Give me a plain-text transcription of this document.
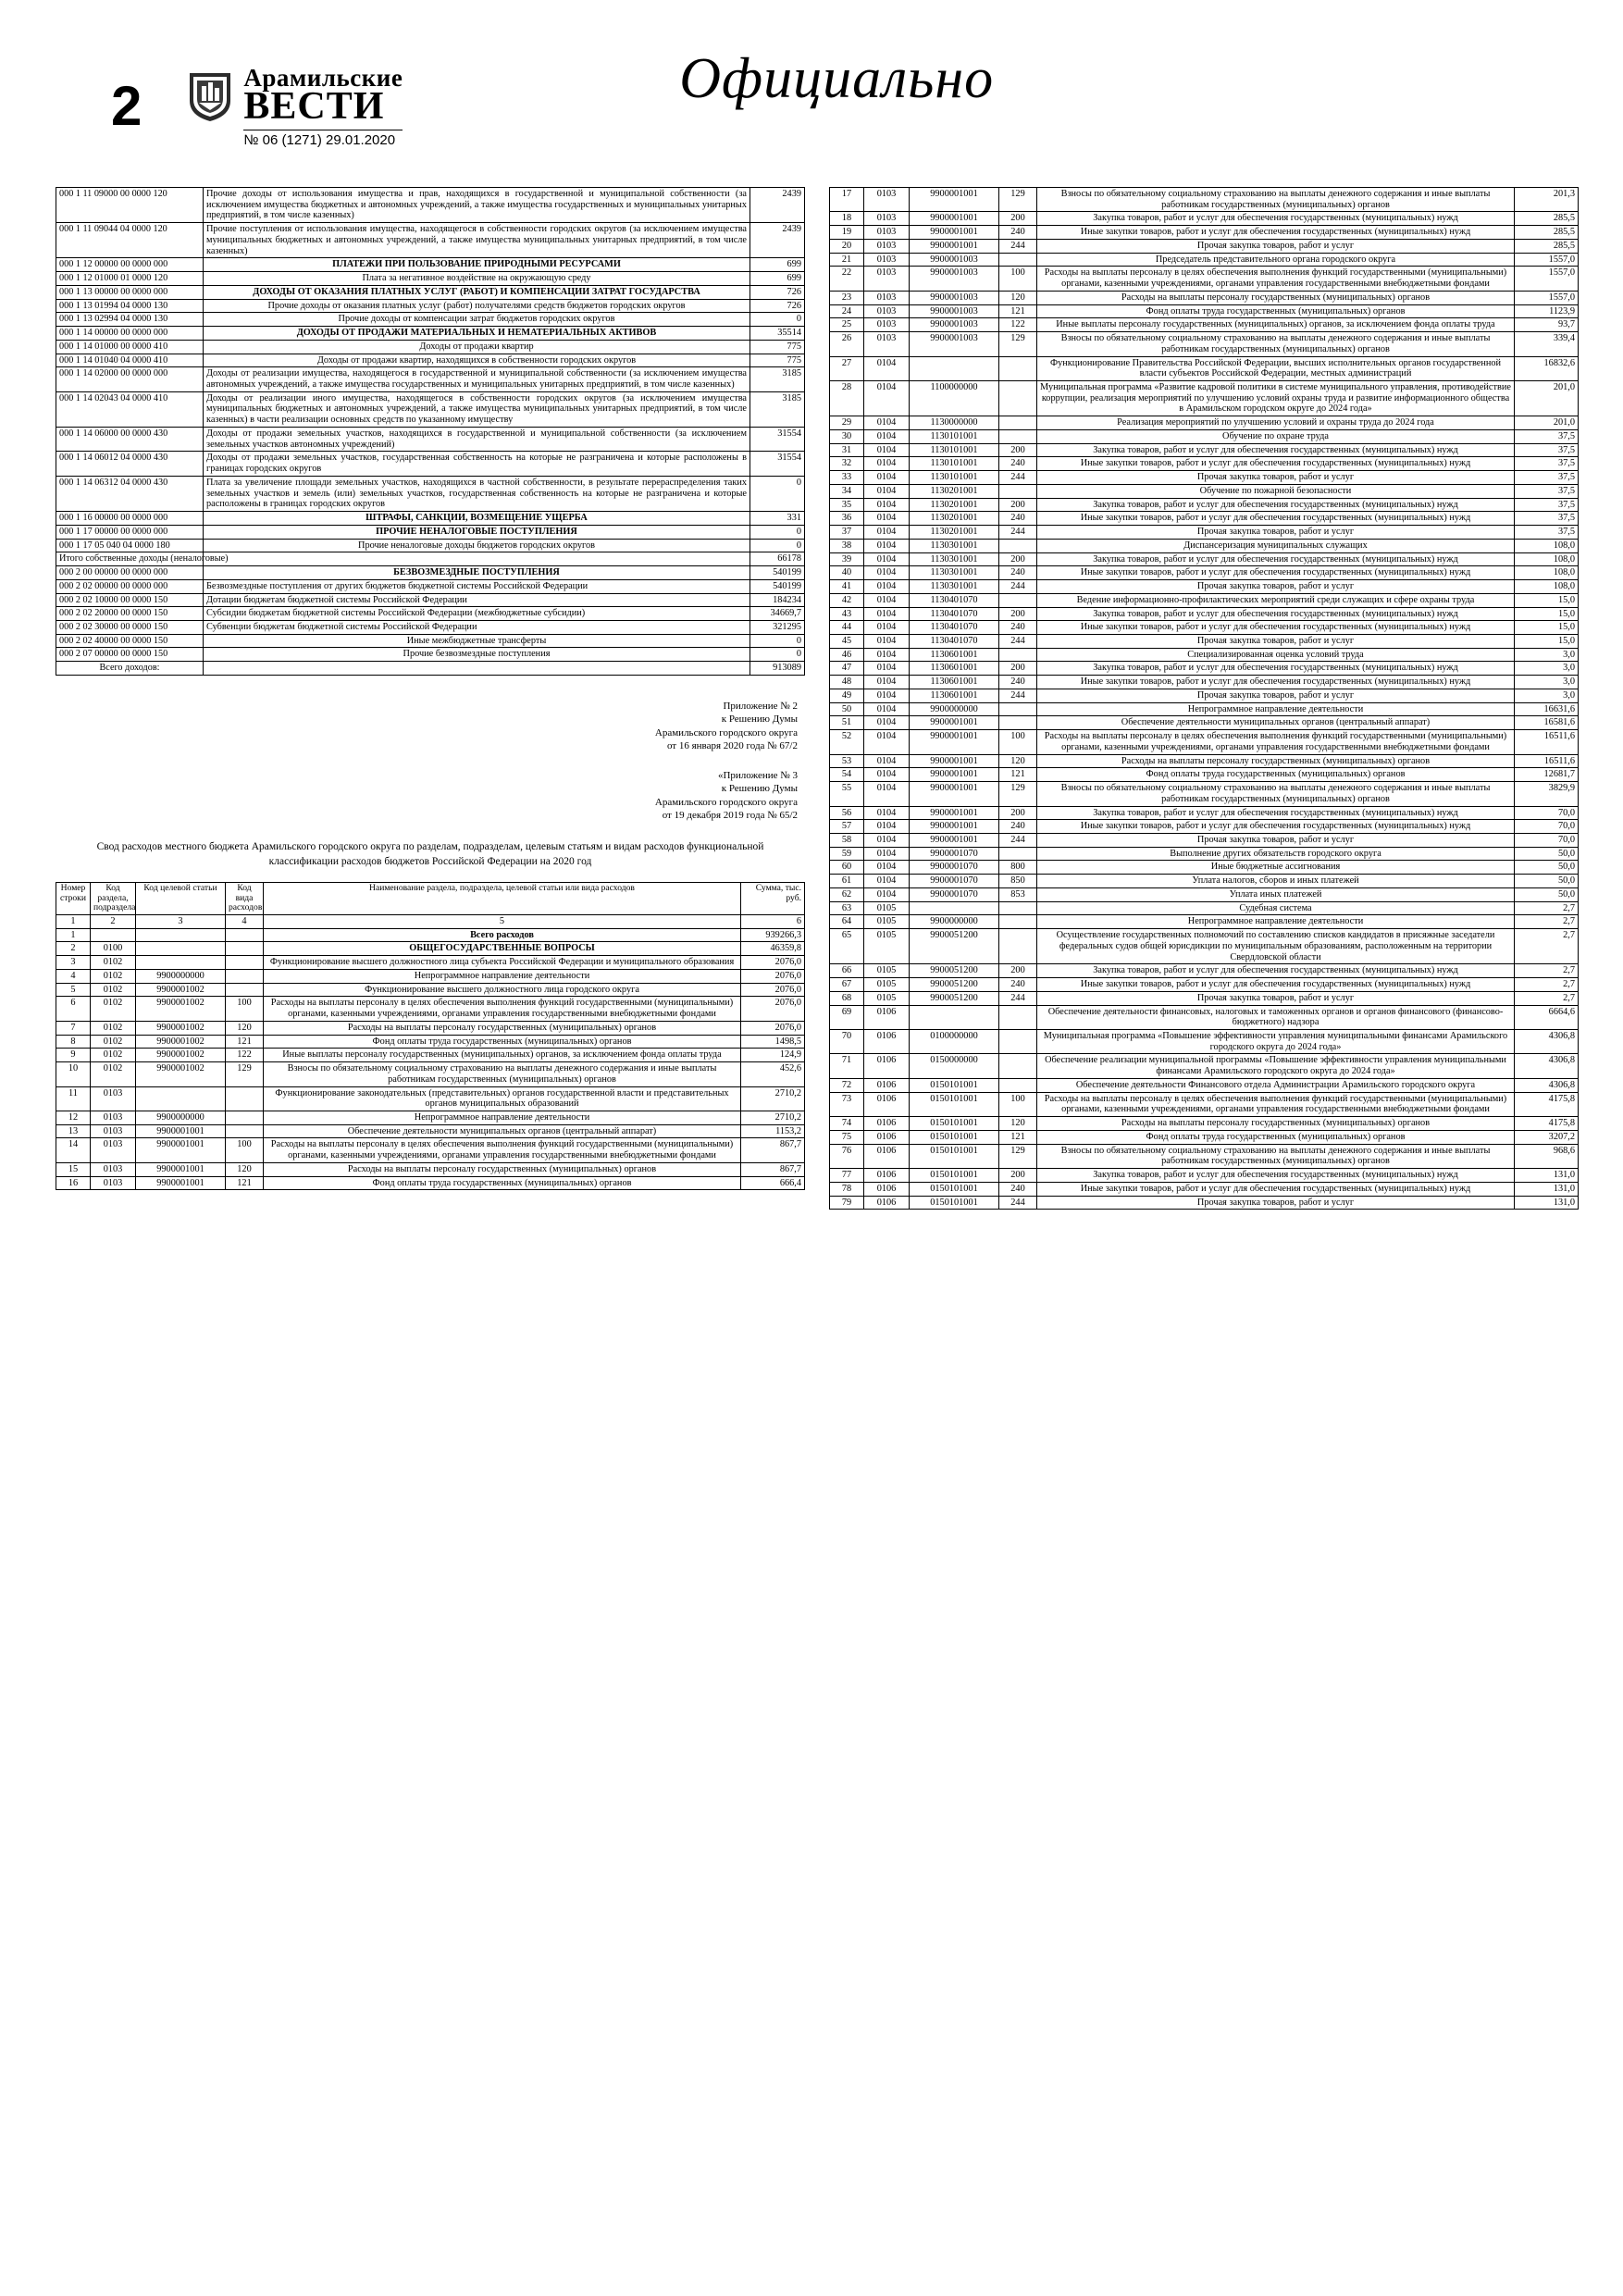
2	Арамильские
ВЕСТИ
№ 06 (1271) 29.01.2020
Официально
000 1 11 09000 00 0000 120	Прочие доходы от использования имущества и прав, находящихся в государственной и муниципальной собственности (за исключением имущества бюджетных и автономных учреждений, а также имущества государственных и муниципальных унитарных предприятий, в том числе казенных)	2439
000 1 11 09044 04 0000 120	Прочие поступления от использования имущества, находящегося в собственности городских округов (за исключением имущества муниципальных бюджетных и автономных учреждений, а также имущества муниципальных унитарных предприятий, в том числе казенных)	2439
000 1 12 00000 00 0000 000	ПЛАТЕЖИ ПРИ ПОЛЬЗОВАНИЕ ПРИРОДНЫМИ РЕСУРСАМИ	699
000 1 12 01000 01 0000 120	Плата за негативное воздействие на окружающую среду	699
000 1 13 00000 00 0000 000	ДОХОДЫ ОТ ОКАЗАНИЯ ПЛАТНЫХ УСЛУГ (РАБОТ) И КОМПЕНСАЦИИ ЗАТРАТ ГОСУДАРСТВА	726
000 1 13 01994 04 0000 130	Прочие доходы от оказания платных услуг (работ) получателями средств бюджетов городских округов	726
000 1 13 02994 04 0000 130	Прочие доходы от компенсации затрат бюджетов городских округов	0
000 1 14 00000 00 0000 000	ДОХОДЫ ОТ ПРОДАЖИ МАТЕРИАЛЬНЫХ И НЕМАТЕРИАЛЬНЫХ АКТИВОВ	35514
000 1 14 01000 00 0000 410	Доходы от продажи квартир	775
000 1 14 01040 04 0000 410	Доходы от продажи квартир, находящихся в собственности городских округов	775
000 1 14 02000 00 0000 000	Доходы от реализации имущества, находящегося в государственной и муниципальной собственности (за исключением имущества автономных учреждений, а также имущества государственных и муниципальных унитарных предприятий, в том числе казенных)	3185
000 1 14 02043 04 0000 410	Доходы от реализации иного имущества, находящегося в собственности городских округов (за исключением имущества муниципальных бюджетных и автономных учреждений, а также имущества муниципальных унитарных предприятий, в том числе казенных) в части реализации основных средств по указанному имуществу	3185
000 1 14 06000 00 0000 430	Доходы от продажи земельных участков, находящихся в государственной и муниципальной собственности (за исключением земельных участков автономных учреждений)	31554
000 1 14 06012 04 0000 430	Доходы от продажи земельных участков, государственная собственность на которые не разграничена и которые расположены в границах городских округов	31554
000 1 14 06312 04 0000 430	Плата за увеличение площади земельных участков, находящихся в частной собственности, в результате перераспределения таких земельных участков и земель (или) земельных участков, государственная собственность на которые не разграничена и которые расположены в границах городских округов	0
000 1 16 00000 00 0000 000	ШТРАФЫ, САНКЦИИ, ВОЗМЕЩЕНИЕ УЩЕРБА	331
000 1 17 00000 00 0000 000	ПРОЧИЕ НЕНАЛОГОВЫЕ ПОСТУПЛЕНИЯ	0
000 1 17 05 040 04 0000 180	Прочие неналоговые доходы бюджетов городских округов	0
Итого собственные доходы (неналоговые)		66178
000 2 00 00000 00 0000 000	БЕЗВОЗМЕЗДНЫЕ ПОСТУПЛЕНИЯ	540199
000 2 02 00000 00 0000 000	Безвозмездные поступления от других бюджетов бюджетной системы Российской Федерации	540199
000 2 02 10000 00 0000 150	Дотации бюджетам бюджетной системы Российской Федерации	184234
000 2 02 20000 00 0000 150	Субсидии бюджетам бюджетной системы Российской Федерации (межбюджетные субсидии)	34669,7
000 2 02 30000 00 0000 150	Субвенции бюджетам бюджетной системы Российской Федерации	321295
000 2 02 40000 00 0000 150	Иные межбюджетные трансферты	0
000 2 07 00000 00 0000 150	Прочие безвозмездные поступления	0
Всего доходов:		913089
Приложение № 2
к Решению Думы
Арамильского городского округа
от 16 января 2020 года № 67/2
«Приложение № 3
к Решению Думы
Арамильского городского округа
от 19 декабря 2019 года № 65/2
Свод расходов местного бюджета Арамильского городского округа по разделам, подразделам, целевым статьям и видам расходов функциональной классификации расходов бюджетов Российской Федерации на 2020 год
Номер строки	Код раздела, подраздела	Код целевой статьи	Код вида расходов	Наименование раздела, подраздела, целевой статьи или вида расходов	Сумма, тыс. руб.
1	2	3	4	5	6
1				Всего расходов	939266,3
2	0100			ОБЩЕГОСУДАРСТВЕННЫЕ ВОПРОСЫ	46359,8
3	0102			Функционирование высшего должностного лица субъекта Российской Федерации и муниципального образования	2076,0
4	0102	9900000000		Непрограммное направление деятельности	2076,0
5	0102	9900001002		Функционирование высшего должностного лица городского округа	2076,0
6	0102	9900001002	100	Расходы на выплаты персоналу в целях обеспечения выполнения функций государственными (муниципальными) органами, казенными учреждениями, органами управления государственными внебюджетными фондами	2076,0
7	0102	9900001002	120	Расходы на выплаты персоналу государственных (муниципальных) органов	2076,0
8	0102	9900001002	121	Фонд оплаты труда государственных (муниципальных) органов	1498,5
9	0102	9900001002	122	Иные выплаты персоналу государственных (муниципальных) органов, за исключением фонда оплаты труда	124,9
10	0102	9900001002	129	Взносы по обязательному социальному страхованию на выплаты денежного содержания и иные выплаты работникам государственных (муниципальных) органов	452,6
11	0103			Функционирование законодательных (представительных) органов государственной власти и представительных органов муниципальных образований	2710,2
12	0103	9900000000		Непрограммное направление деятельности	2710,2
13	0103	9900001001		Обеспечение деятельности муниципальных органов (центральный аппарат)	1153,2
14	0103	9900001001	100	Расходы на выплаты персоналу в целях обеспечения выполнения функций государственными (муниципальными) органами, казенными учреждениями, органами управления государственными внебюджетными фондами	867,7
15	0103	9900001001	120	Расходы на выплаты персоналу государственных (муниципальных) органов	867,7
16	0103	9900001001	121	Фонд оплаты труда государственных (муниципальных) органов	666,4
17	0103	9900001001	129	Взносы по обязательному социальному страхованию на выплаты денежного содержания и иные выплаты работникам государственных (муниципальных) органов	201,3
18	0103	9900001001	200	Закупка товаров, работ и услуг для обеспечения государственных (муниципальных) нужд	285,5
19	0103	9900001001	240	Иные закупки товаров, работ и услуг для обеспечения государственных (муниципальных) нужд	285,5
20	0103	9900001001	244	Прочая закупка товаров, работ и услуг	285,5
21	0103	9900001003		Председатель представительного органа городского округа	1557,0
22	0103	9900001003	100	Расходы на выплаты персоналу в целях обеспечения выполнения функций государственными (муниципальными) органами, казенными учреждениями, органами управления государственными внебюджетными фондами	1557,0
23	0103	9900001003	120	Расходы на выплаты персоналу государственных (муниципальных) органов	1557,0
24	0103	9900001003	121	Фонд оплаты труда государственных (муниципальных) органов	1123,9
25	0103	9900001003	122	Иные выплаты персоналу государственных (муниципальных) органов, за исключением фонда оплаты труда	93,7
26	0103	9900001003	129	Взносы по обязательному социальному страхованию на выплаты денежного содержания и иные выплаты работникам государственных (муниципальных) органов	339,4
27	0104			Функционирование Правительства Российской Федерации, высших исполнительных органов государственной власти субъектов Российской Федерации, местных администраций	16832,6
28	0104	1100000000		Муниципальная программа «Развитие кадровой политики в системе муниципального управления, противодействие коррупции, реализация мероприятий по улучшению условий охраны труда и развитие информационного общества в Арамильском городском округе до 2024 года»	201,0
29	0104	1130000000		Реализация мероприятий по улучшению условий и охраны труда до 2024 года	201,0
30	0104	1130101001		Обучение по охране труда	37,5
31	0104	1130101001	200	Закупка товаров, работ и услуг для обеспечения государственных (муниципальных) нужд	37,5
32	0104	1130101001	240	Иные закупки товаров, работ и услуг для обеспечения государственных (муниципальных) нужд	37,5
33	0104	1130101001	244	Прочая закупка товаров, работ и услуг	37,5
34	0104	1130201001		Обучение по пожарной безопасности	37,5
35	0104	1130201001	200	Закупка товаров, работ и услуг для обеспечения государственных (муниципальных) нужд	37,5
36	0104	1130201001	240	Иные закупки товаров, работ и услуг для обеспечения государственных (муниципальных) нужд	37,5
37	0104	1130201001	244	Прочая закупка товаров, работ и услуг	37,5
38	0104	1130301001		Диспансеризация муниципальных служащих	108,0
39	0104	1130301001	200	Закупка товаров, работ и услуг для обеспечения государственных (муниципальных) нужд	108,0
40	0104	1130301001	240	Иные закупки товаров, работ и услуг для обеспечения государственных (муниципальных) нужд	108,0
41	0104	1130301001	244	Прочая закупка товаров, работ и услуг	108,0
42	0104	1130401070		Ведение информационно-профилактических мероприятий среди служащих и сфере охраны труда	15,0
43	0104	1130401070	200	Закупка товаров, работ и услуг для обеспечения государственных (муниципальных) нужд	15,0
44	0104	1130401070	240	Иные закупки товаров, работ и услуг для обеспечения государственных (муниципальных) нужд	15,0
45	0104	1130401070	244	Прочая закупка товаров, работ и услуг	15,0
46	0104	1130601001		Специализированная оценка условий труда	3,0
47	0104	1130601001	200	Закупка товаров, работ и услуг для обеспечения государственных (муниципальных) нужд	3,0
48	0104	1130601001	240	Иные закупки товаров, работ и услуг для обеспечения государственных (муниципальных) нужд	3,0
49	0104	1130601001	244	Прочая закупка товаров, работ и услуг	3,0
50	0104	9900000000		Непрограммное направление деятельности	16631,6
51	0104	9900001001		Обеспечение деятельности муниципальных органов (центральный аппарат)	16581,6
52	0104	9900001001	100	Расходы на выплаты персоналу в целях обеспечения выполнения функций государственными (муниципальными) органами, казенными учреждениями, органами управления государственными внебюджетными фондами	16511,6
53	0104	9900001001	120	Расходы на выплаты персоналу государственных (муниципальных) органов	16511,6
54	0104	9900001001	121	Фонд оплаты труда государственных (муниципальных) органов	12681,7
55	0104	9900001001	129	Взносы по обязательному социальному страхованию на выплаты денежного содержания и иные выплаты работникам государственных (муниципальных) органов	3829,9
56	0104	9900001001	200	Закупка товаров, работ и услуг для обеспечения государственных (муниципальных) нужд	70,0
57	0104	9900001001	240	Иные закупки товаров, работ и услуг для обеспечения государственных (муниципальных) нужд	70,0
58	0104	9900001001	244	Прочая закупка товаров, работ и услуг	70,0
59	0104	9900001070		Выполнение других обязательств городского округа	50,0
60	0104	9900001070	800	Иные бюджетные ассигнования	50,0
61	0104	9900001070	850	Уплата налогов, сборов и иных платежей	50,0
62	0104	9900001070	853	Уплата иных платежей	50,0
63	0105			Судебная система	2,7
64	0105	9900000000		Непрограммное направление деятельности	2,7
65	0105	9900051200		Осуществление государственных полномочий по составлению списков кандидатов в присяжные заседатели федеральных судов общей юрисдикции по муниципальным образованиям, расположенным на территории Свердловской области	2,7
66	0105	9900051200	200	Закупка товаров, работ и услуг для обеспечения государственных (муниципальных) нужд	2,7
67	0105	9900051200	240	Иные закупки товаров, работ и услуг для обеспечения государственных (муниципальных) нужд	2,7
68	0105	9900051200	244	Прочая закупка товаров, работ и услуг	2,7
69	0106			Обеспечение деятельности финансовых, налоговых и таможенных органов и органов финансового (финансово-бюджетного) надзора	6664,6
70	0106	0100000000		Муниципальная программа «Повышение эффективности управления муниципальными финансами Арамильского городского округа до 2024 года»	4306,8
71	0106	0150000000		Обеспечение реализации муниципальной программы «Повышение эффективности управления муниципальными финансами Арамильского городского округа до 2024 года»	4306,8
72	0106	0150101001		Обеспечение деятельности Финансового отдела Администрации Арамильского городского округа	4306,8
73	0106	0150101001	100	Расходы на выплаты персоналу в целях обеспечения выполнения функций государственными (муниципальными) органами, казенными учреждениями, органами управления государственными внебюджетными фондами	4175,8
74	0106	0150101001	120	Расходы на выплаты персоналу государственных (муниципальных) органов	4175,8
75	0106	0150101001	121	Фонд оплаты труда государственных (муниципальных) органов	3207,2
76	0106	0150101001	129	Взносы по обязательному социальному страхованию на выплаты денежного содержания и иные выплаты работникам государственных (муниципальных) органов	968,6
77	0106	0150101001	200	Закупка товаров, работ и услуг для обеспечения государственных (муниципальных) нужд	131,0
78	0106	0150101001	240	Иные закупки товаров, работ и услуг для обеспечения государственных (муниципальных) нужд	131,0
79	0106	0150101001	244	Прочая закупка товаров, работ и услуг	131,0
